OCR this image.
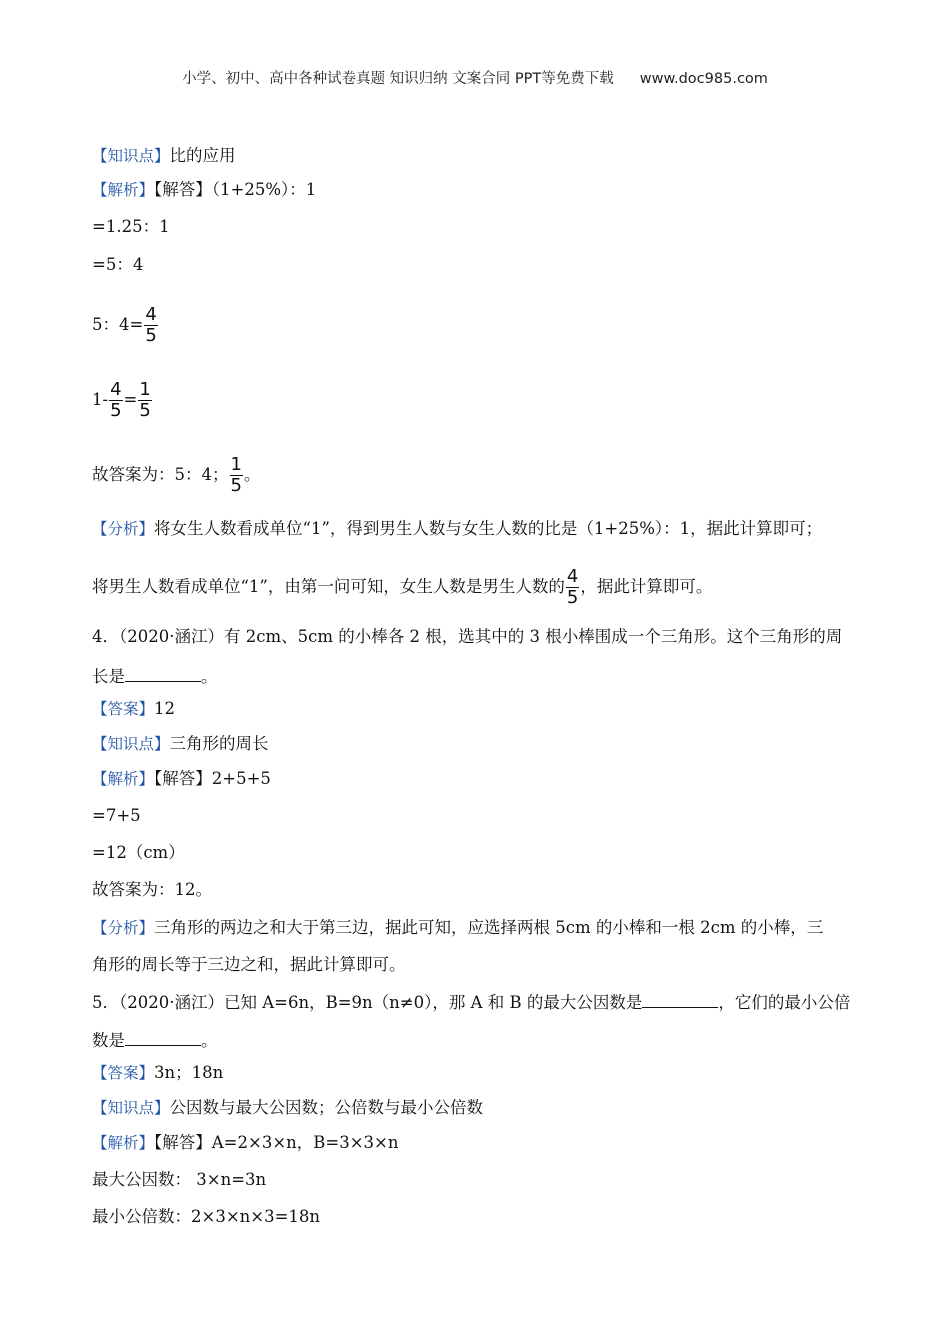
小学、初中、高中各种试卷真题 知识归纳 文案合同 PPT等免费下载 www.doc985.com
【知识点】比的应用
【解析】【解答】（1+25%）：1
=1.25：1
=5：4
5：$4= \frac{4}{5}$
$1- \frac{4}{5} = \frac{1}{5}$
故答案为：5：4； $\frac{1}{5}$ 。
【分析】将女生人数看成单位“1”，得到男生人数与女生人数的比是（1+25%）：1，据此计算即可；
将男生人数看成单位“1”，由第一问可知，女生人数是男生人数的 $\frac{4}{5}$ ，据此计算即可。
4．（2020·涵江）有 2cm、5cm 的小棒各 2 根，选其中的 3 根小棒围成一个三角形。这个三角形的周
长是	。
【答案】12
【知识点】三角形的周长
【解析】【解答】2+5+5
=7+5
=12（cm）
故答案为：12。
【分析】三角形的两边之和大于第三边，据此可知，应选择两根 5cm 的小棒和一根 2cm 的小棒，三
角形的周长等于三边之和，据此计算即可。
5．（2020·涵江）已知 A=6n，B=9n（n≠0），那 A 和 B 的最大公因数是	，它们的最小公倍
数是	。
【答案】3n；18n
【知识点】公因数与最大公因数；公倍数与最小公倍数
【解析】【解答】A=2×3×n，B=3×3×n
最大公因数： 3×n=3n
最小公倍数：2×3×n×3=18n
